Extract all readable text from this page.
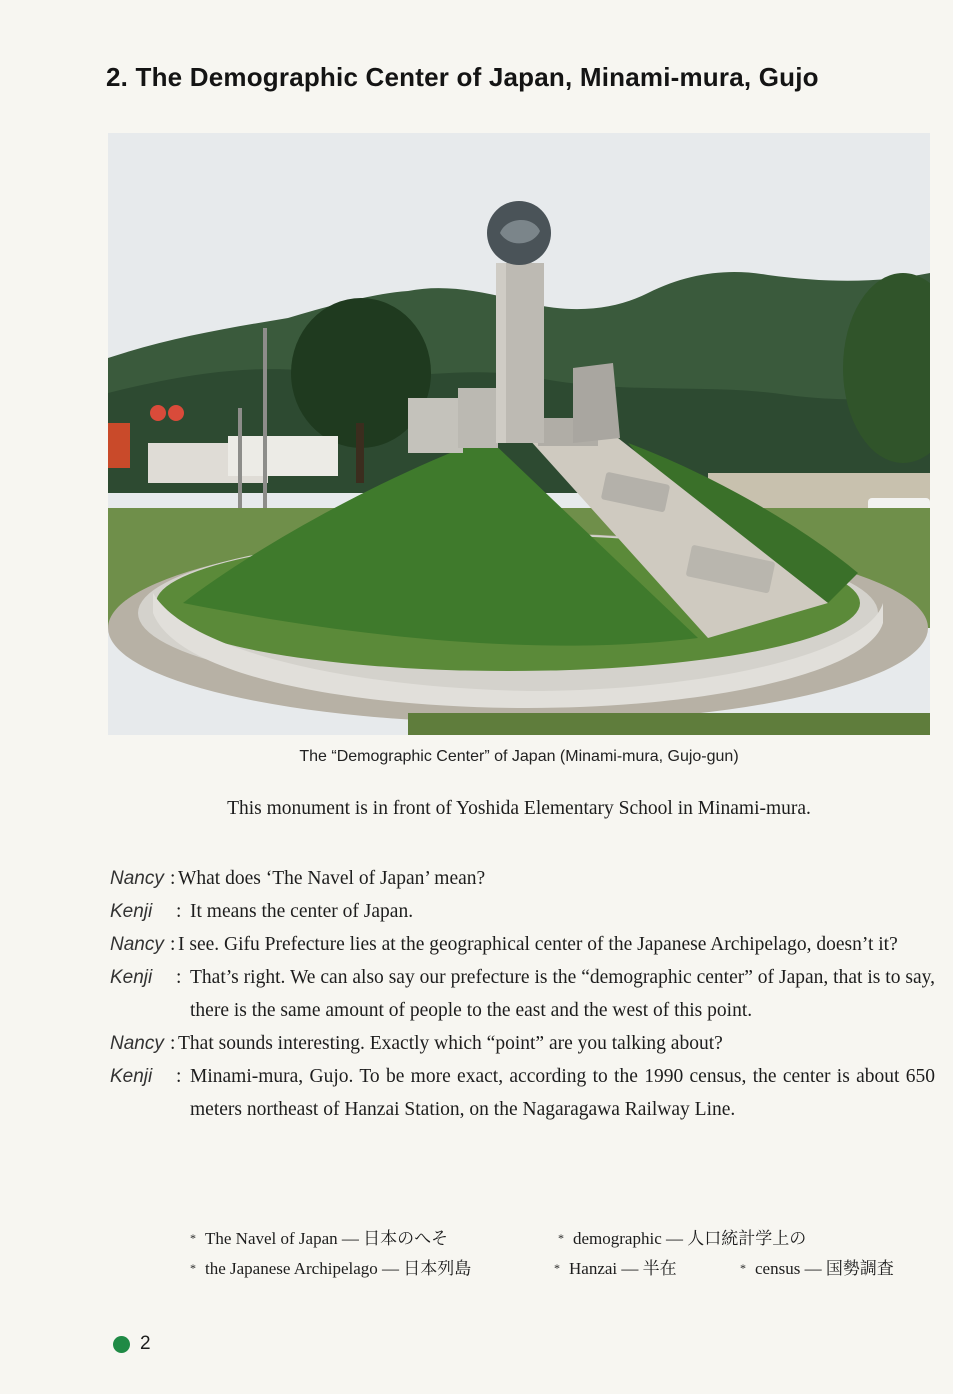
2. The Demographic Center of Japan, Minami-mura, Gujo
The “Demographic Center” of Japan (Minami-mura, Gujo-gun)
This monument is in front of Yoshida Elementary School in Minami-mura.
Nancy : What does ‘The Navel of Japan’ mean?
Kenji : It means the center of Japan.
Nancy : I see. Gifu Prefecture lies at the geographical center of the Japanese Archipelago, doesn’t it?
Kenji : That’s right. We can also say our prefecture is the “demographic center” of Japan, that is to say, there is the same amount of people to the east and the west of this point.
Nancy : That sounds interesting. Exactly which “point” are you talking about?
Kenji : Minami-mura, Gujo. To be more exact, according to the 1990 census, the center is about 650 meters northeast of Hanzai Station, on the Nagaragawa Railway Line.
* The Navel of Japan — 日本のへそ	* demographic — 人口統計学上の
* the Japanese Archipelago — 日本列島	* Hanzai — 半在	* census — 国勢調査
2
